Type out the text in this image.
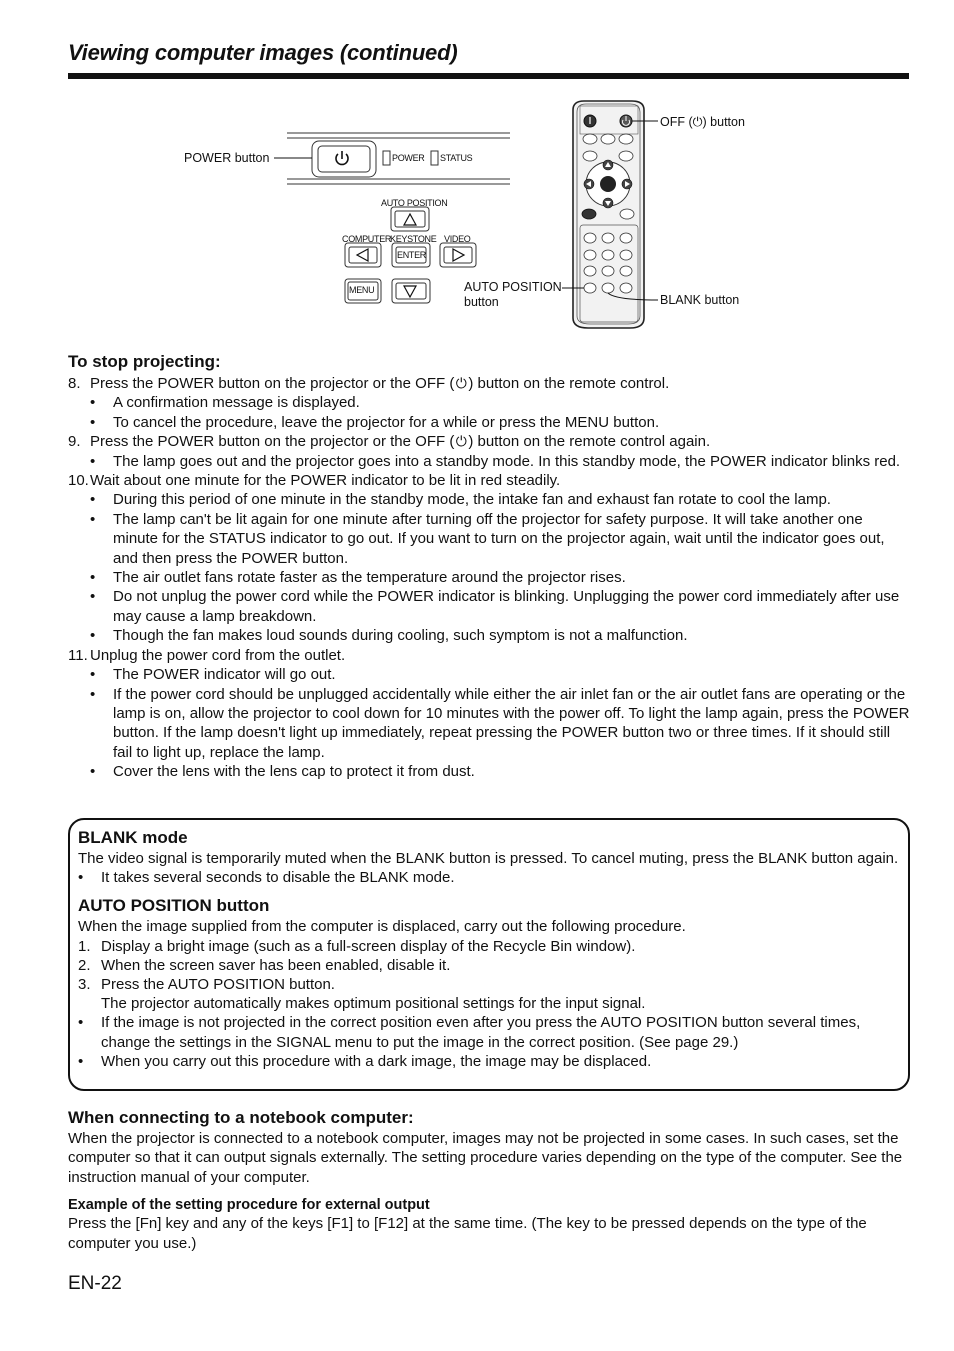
Viewing computer images (continued)
POWER button
OFF (⏻) button
AUTO POSITION
button	BLANK button
POWER STATUS
AUTO POSITION
COMPUTER
KEYSTONE VIDEO
ENTER
MENU
To stop projecting:
8. Press the POWER button on the projector or the OFF (⏻) button on the remote control.
• A confirmation message is displayed.
• To cancel the procedure, leave the projector for a while or press the MENU button.
9. Press the POWER button on the projector or the OFF (⏻) button on the remote control again.
• The lamp goes out and the projector goes into a standby mode. In this standby mode, the POWER indicator blinks red.
10. Wait about one minute for the POWER indicator to be lit in red steadily.
• During this period of one minute in the standby mode, the intake fan and exhaust fan rotate to cool the lamp.
• The lamp can't be lit again for one minute after turning off the projector for safety purpose. It will take another one minute for the STATUS indicator to go out. If you want to turn on the projector again, wait until the indicator goes out, and then press the POWER button.
• The air outlet fans rotate faster as the temperature around the projector rises.
• Do not unplug the power cord while the POWER indicator is blinking. Unplugging the power cord immediately after use may cause a lamp breakdown.
• Though the fan makes loud sounds during cooling, such symptom is not a malfunction.
11. Unplug the power cord from the outlet.
• The POWER indicator will go out.
• If the power cord should be unplugged accidentally while either the air inlet fan or the air outlet fans are operating or the lamp is on, allow the projector to cool down for 10 minutes with the power off. To light the lamp again, press the POWER button. If the lamp doesn't light up immediately, repeat pressing the POWER button two or three times. If it should still fail to light up, replace the lamp.
• Cover the lens with the lens cap to protect it from dust.
BLANK mode
The video signal is temporarily muted when the BLANK button is pressed. To cancel muting, press the BLANK button again.
• It takes several seconds to disable the BLANK mode.
AUTO POSITION button
When the image supplied from the computer is displaced, carry out the following procedure.
1. Display a bright image (such as a full-screen display of the Recycle Bin window).
2. When the screen saver has been enabled, disable it.
3. Press the AUTO POSITION button.
The projector automatically makes optimum positional settings for the input signal.
• If the image is not projected in the correct position even after you press the AUTO POSITION button several times, change the settings in the SIGNAL menu to put the image in the correct position. (See page 29.)
• When you carry out this procedure with a dark image, the image may be displaced.
When connecting to a notebook computer:
When the projector is connected to a notebook computer, images may not be projected in some cases. In such cases, set the computer so that it can output signals externally. The setting procedure varies depending on the type of the computer. See the instruction manual of your computer.
Example of the setting procedure for external output
Press the [Fn] key and any of the keys [F1] to [F12] at the same time. (The key to be pressed depends on the type of the computer you use.)
EN-22
